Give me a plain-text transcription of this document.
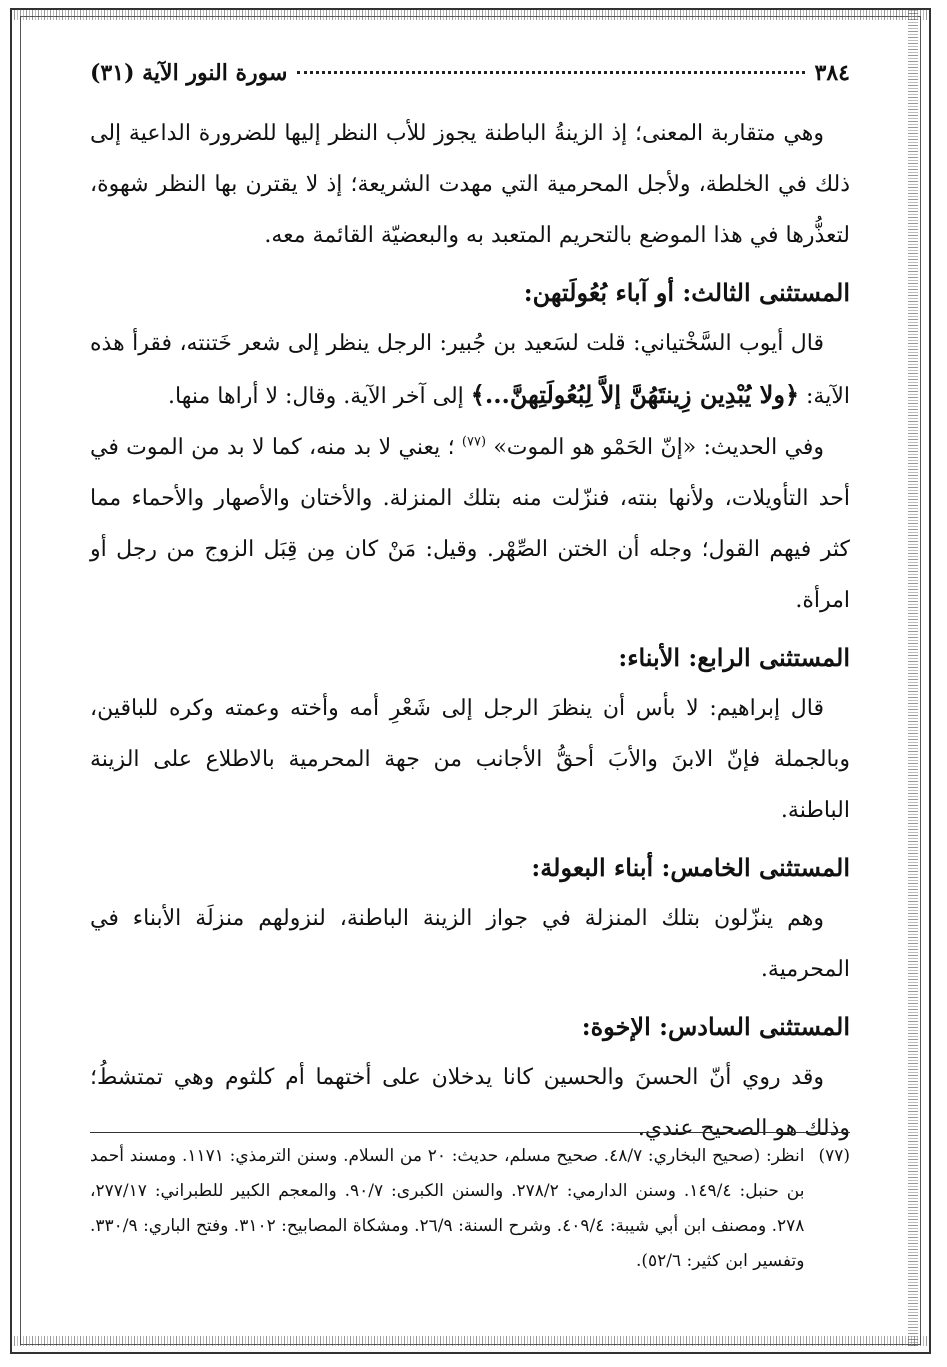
٣٨٤
سورة النور الآية (٣١)

وهي متقاربة المعنى؛ إذ الزينةُ الباطنة يجوز للأب النظر إليها للضرورة الداعية إلى ذلك في الخلطة، ولأجل المحرمية التي مهدت الشريعة؛ إذ لا يقترن بها النظر شهوة، لتعذُّرها في هذا الموضع بالتحريم المتعبد به والبعضيّة القائمة معه.

المستثنى الثالث: أو آباء بُعُولَتهن:

قال أيوب السَّخْتياني: قلت لسَعيد بن جُبير: الرجل ينظر إلى شعر خَتنته، فقرأ هذه الآية: ﴿ولا يُبْدِين زِينتَهُنَّ إلاَّ لِبُعُولَتِهنَّ...﴾ إلى آخر الآية. وقال: لا أراها منها.

وفي الحديث: «إنّ الحَمْو هو الموت» $^{(٧٧)}$ ؛ يعني لا بد منه، كما لا بد من الموت في أحد التأويلات، ولأنها بنته، فنزّلت منه بتلك المنزلة. والأختان والأصهار والأحماء مما كثر فيهم القول؛ وجله أن الختن الصِّهْر. وقيل: مَنْ كان مِن قِبَل الزوج من رجل أو امرأة.

المستثنى الرابع: الأبناء:

قال إبراهيم: لا بأس أن ينظرَ الرجل إلى شَعْرِ أمه وأخته وعمته وكره للباقين، وبالجملة فإنّ الابنَ والأبَ أحقُّ الأجانب من جهة المحرمية بالاطلاع على الزينة الباطنة.

المستثنى الخامس: أبناء البعولة:

وهم ينزّلون بتلك المنزلة في جواز الزينة الباطنة، لنزولهم منزلَة الأبناء في المحرمية.

المستثنى السادس: الإخوة:

وقد روي أنّ الحسنَ والحسين كانا يدخلان على أختهما أم كلثوم وهي تمتشطُ؛ وذلك هو الصحيح عندي.

(٧٧)
انظر: (صحيح البخاري: ٤٨/٧. صحيح مسلم، حديث: ٢٠ من السلام. وسنن الترمذي: ١١٧١. ومسند أحمد بن حنبل: ١٤٩/٤. وسنن الدارمي: ٢٧٨/٢. والسنن الكبرى: ٩٠/٧. والمعجم الكبير للطبراني: ٢٧٧/١٧، ٢٧٨. ومصنف ابن أبي شيبة: ٤٠٩/٤. وشرح السنة: ٢٦/٩. ومشكاة المصابيح: ٣١٠٢. وفتح الباري: ٣٣٠/٩. وتفسير ابن كثير: ٥٢/٦).
